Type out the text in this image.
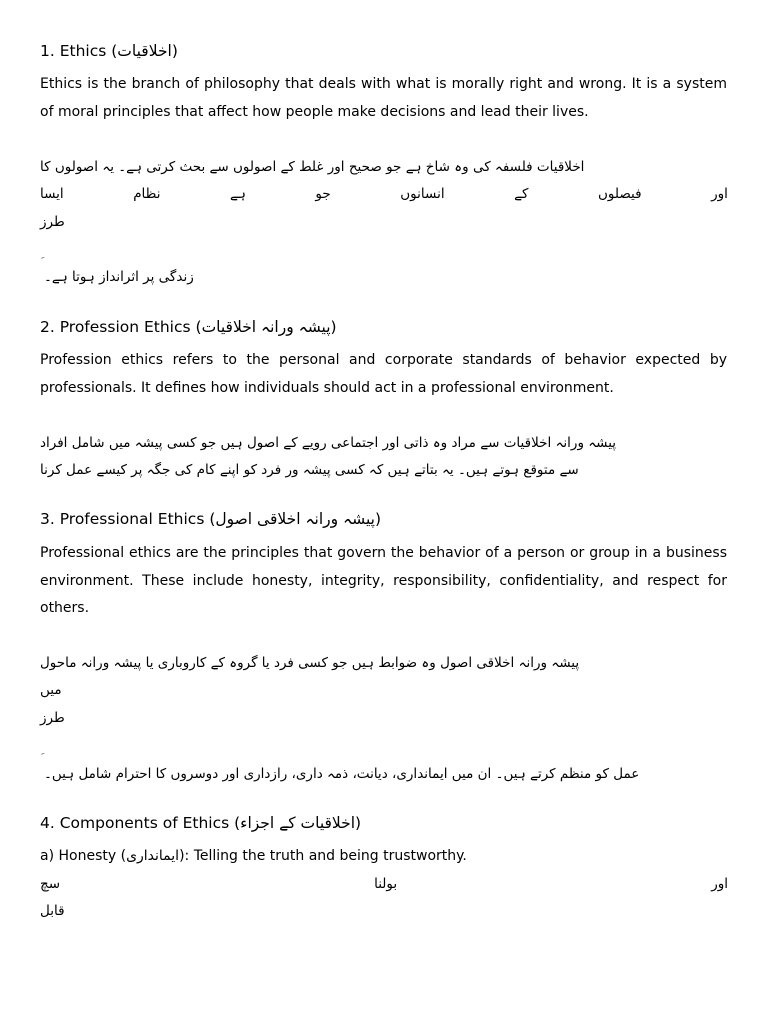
1. Ethics (اخلاقیات)

Ethics is the branch of philosophy that deals with what is morally right and wrong. It is a system of moral principles that affect how people make decisions and lead their lives.

اخلاقیات فلسفہ کی وہ شاخ ہے جو صحیح اور غلط کے اصولوں سے بحث کرتی ہے۔ یہ اصولوں کا

ایسا	نظام	ہے	جو	انسانوں	کے	فیصلوں	اور

طرز

زندگی پر اثرانداز ہوتا ہے۔

2. Profession Ethics (پیشہ ورانہ اخلاقیات)

Profession ethics refers to the personal and corporate standards of behavior expected by professionals. It defines how individuals should act in a professional environment.

پیشہ ورانہ اخلاقیات سے مراد وہ ذاتی اور اجتماعی رویے کے اصول ہیں جو کسی پیشہ میں شامل افراد

سے متوقع ہوتے ہیں۔ یہ بتاتے ہیں کہ کسی پیشہ ور فرد کو اپنے کام کی جگہ پر کیسے عمل کرنا

3. Professional Ethics (پیشہ ورانہ اخلاقی اصول)

Professional ethics are the principles that govern the behavior of a person or group in a business environment. These include honesty, integrity, responsibility, confidentiality, and respect for others.

پیشہ ورانہ اخلاقی اصول وہ ضوابط ہیں جو کسی فرد یا گروہ کے کاروباری یا پیشہ ورانہ ماحول

میں

طرز

عمل کو منظم کرتے ہیں۔ ان میں ایمانداری، دیانت، ذمہ داری، رازداری اور دوسروں کا احترام شامل ہیں۔

4. Components of Ethics (اخلاقیات کے اجزاء)

a) Honesty (ایمانداری): Telling the truth and being trustworthy.

سچ	بولنا	اور

قابل
